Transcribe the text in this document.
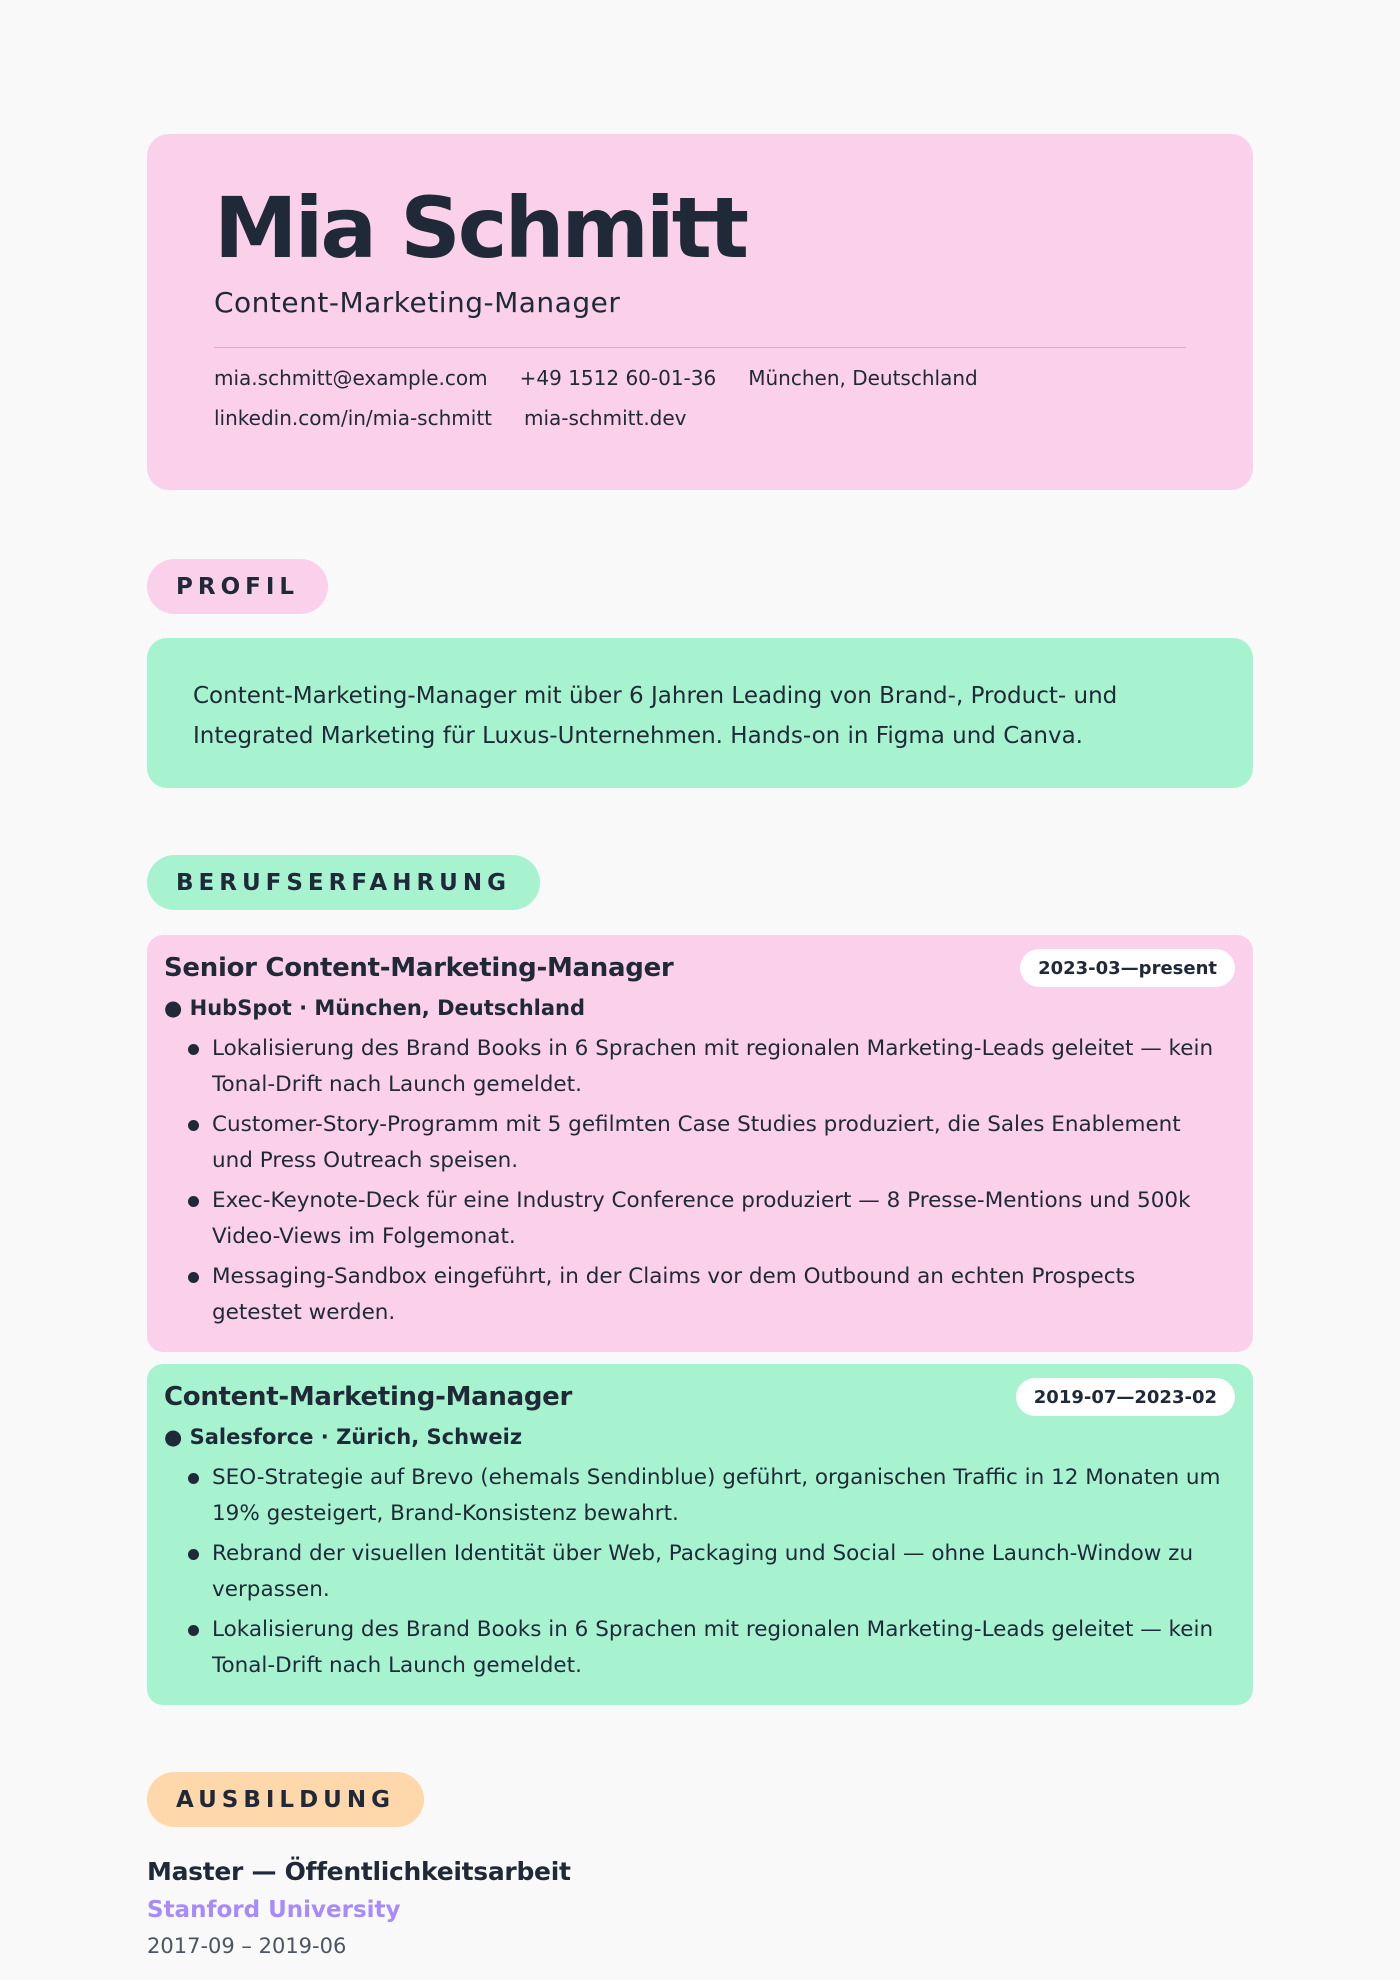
Mia Schmitt
Content-Marketing-Manager
mia.schmitt@example.com +49 1512 60-01-36 München, Deutschland
linkedin.com/in/mia-schmitt mia-schmitt.dev
PROFIL
Content-Marketing-Manager mit über 6 Jahren Leading von Brand-, Product- und Integrated Marketing für Luxus-Unternehmen. Hands-on in Figma und Canva.
BERUFSERFAHRUNG
Senior Content-Marketing-Manager	2023-03—present
● HubSpot · München, Deutschland
Lokalisierung des Brand Books in 6 Sprachen mit regionalen Marketing-Leads geleitet — kein Tonal-Drift nach Launch gemeldet.
Customer-Story-Programm mit 5 gefilmten Case Studies produziert, die Sales Enablement und Press Outreach speisen.
Exec-Keynote-Deck für eine Industry Conference produziert — 8 Presse-Mentions und 500k Video-Views im Folgemonat.
Messaging-Sandbox eingeführt, in der Claims vor dem Outbound an echten Prospects getestet werden.
Content-Marketing-Manager	2019-07—2023-02
● Salesforce · Zürich, Schweiz
SEO-Strategie auf Brevo (ehemals Sendinblue) geführt, organischen Traffic in 12 Monaten um 19% gesteigert, Brand-Konsistenz bewahrt.
Rebrand der visuellen Identität über Web, Packaging und Social — ohne Launch-Window zu verpassen.
Lokalisierung des Brand Books in 6 Sprachen mit regionalen Marketing-Leads geleitet — kein Tonal-Drift nach Launch gemeldet.
AUSBILDUNG
Master — Öffentlichkeitsarbeit
Stanford University
2017-09 – 2019-06
